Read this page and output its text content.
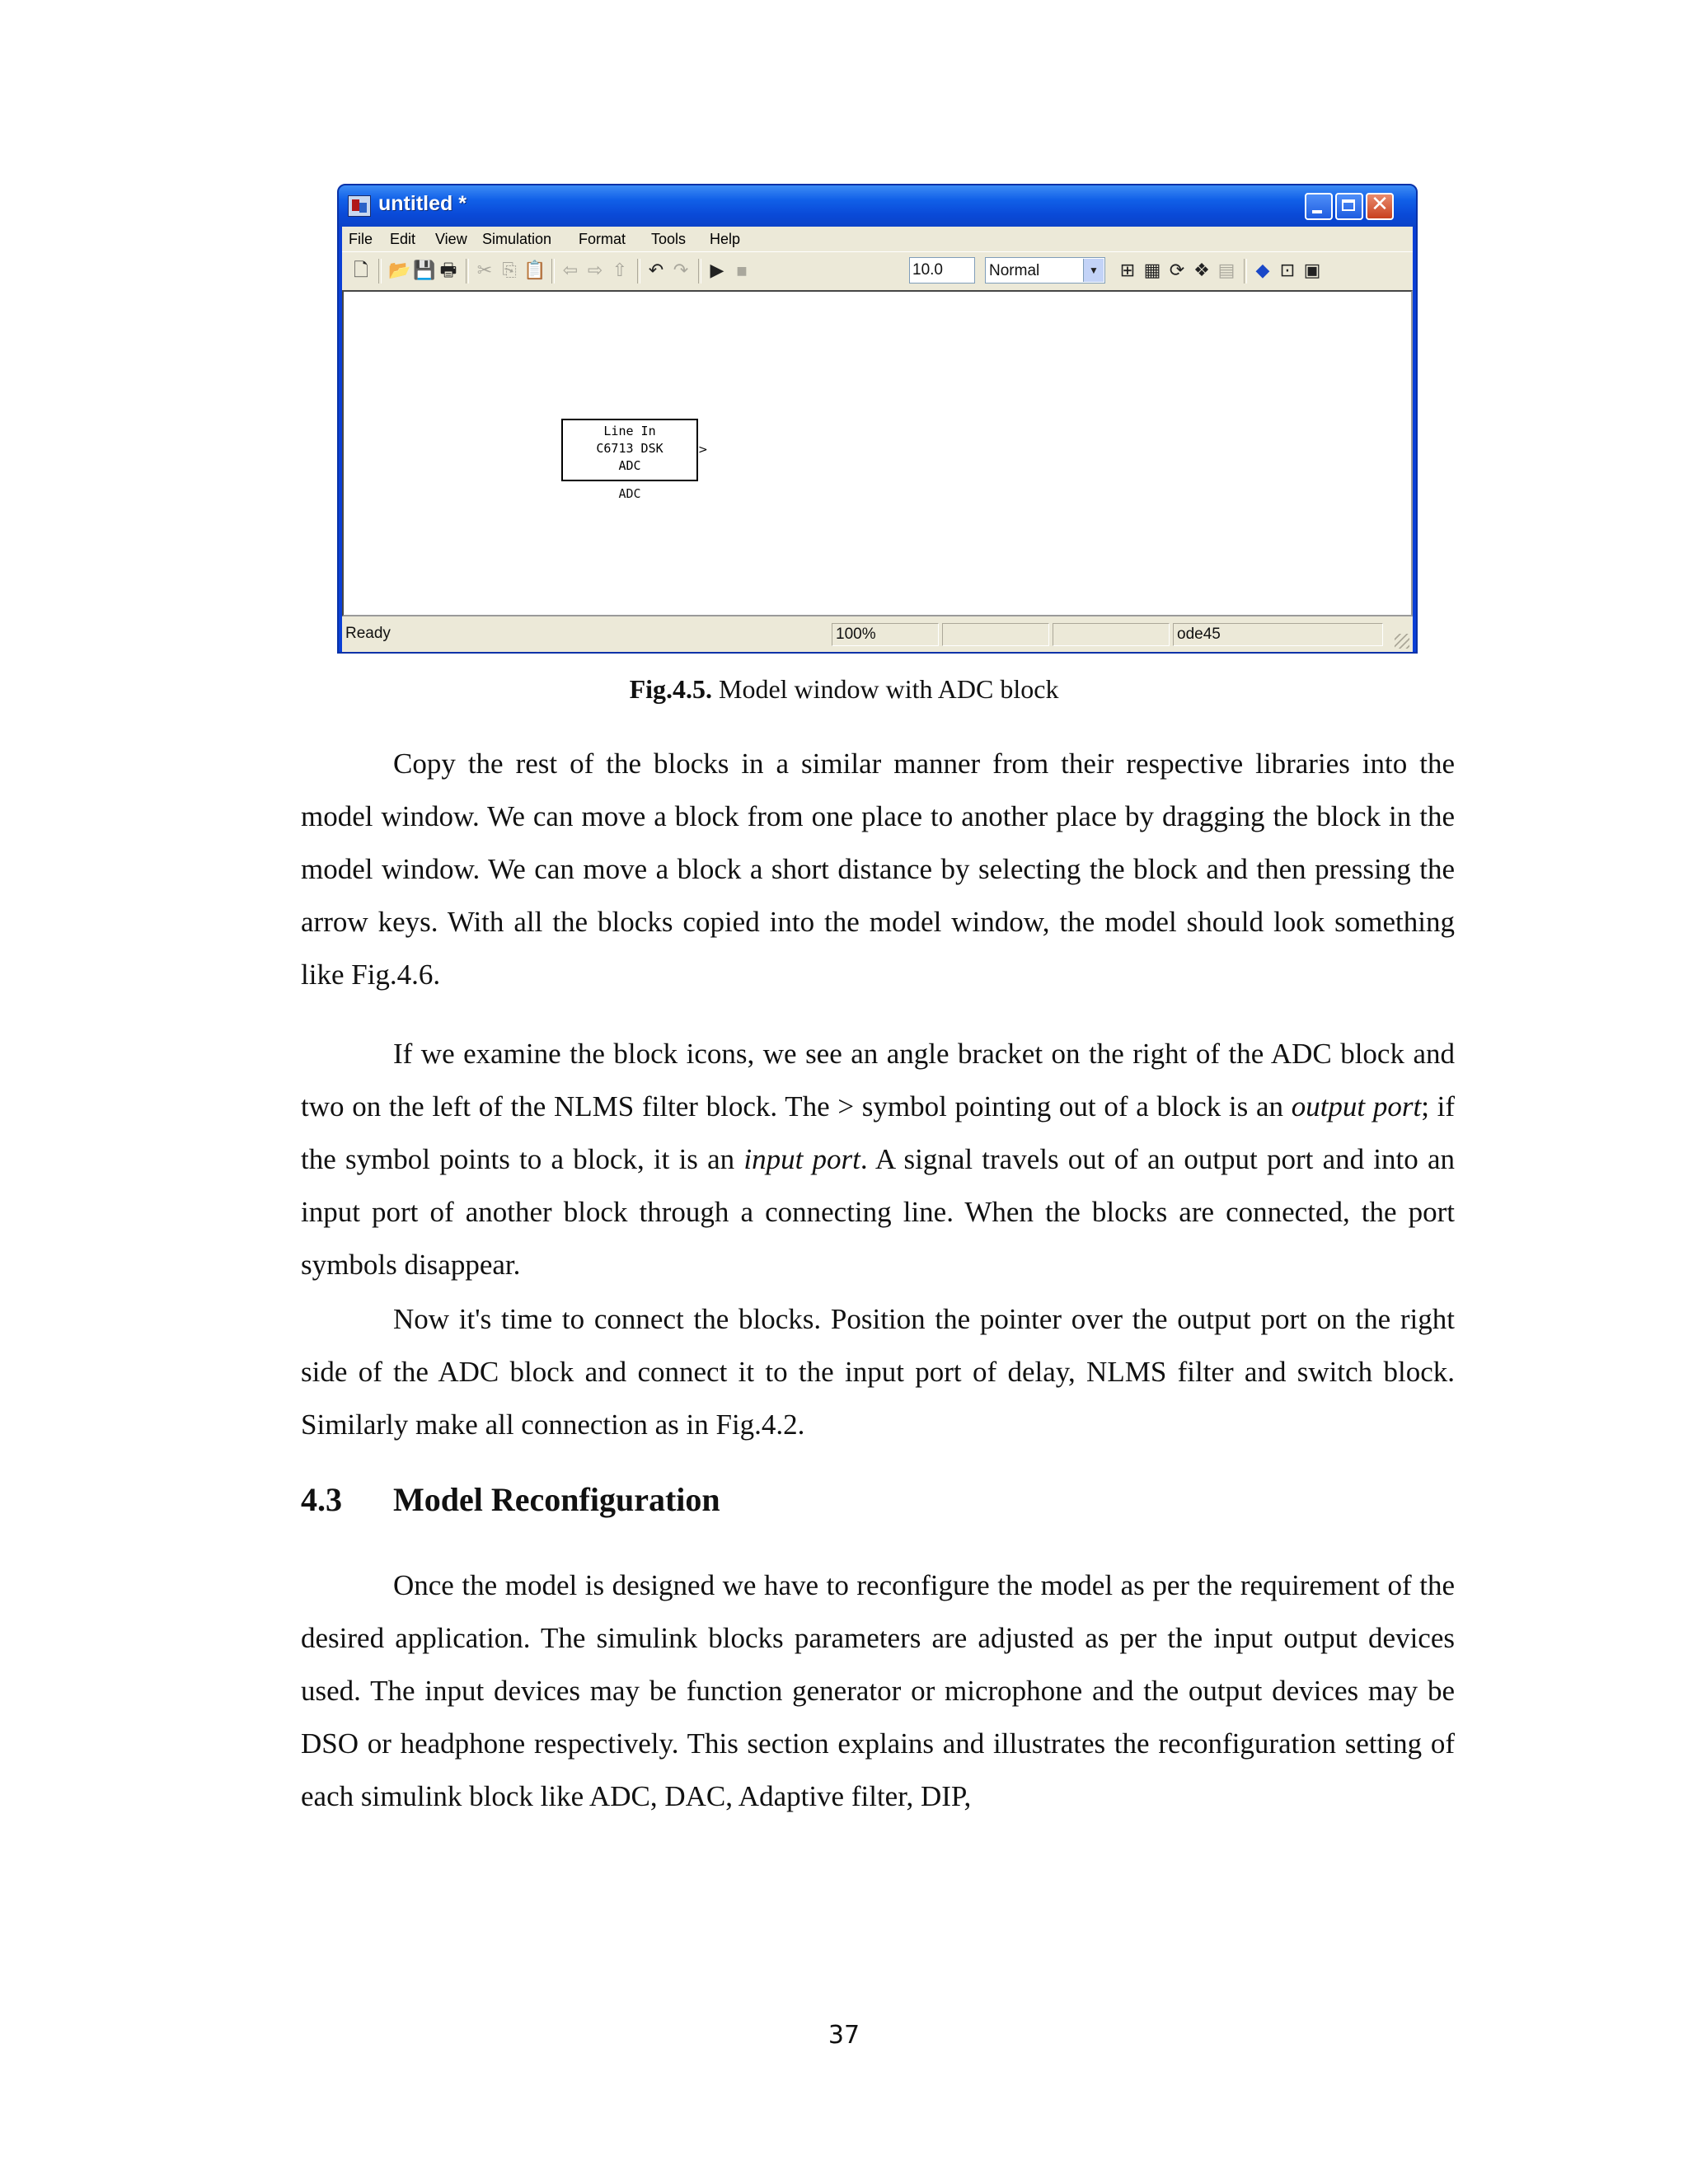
untitled *	✕
File Edit View Simulation Format Tools Help
🗋 📂 💾 🖶 ✂ ⎘ 📋 ⇦ ⇨ ⇧ ↶ ↷ ▶	■	10.0	Normal	▼ ⊞ ▦ ⟳ ❖ ▤ ◆ ⊡ ▣
Line In
C6713 DSK
ADC
>
ADC
Ready	100%	ode45
Fig.4.5. Model window with ADC block

Copy the rest of the blocks in a similar manner from their respective libraries into the model window. We can move a block from one place to another place by dragging the block in the model window. We can move a block a short distance by selecting the block and then pressing the arrow keys. With all the blocks copied into the model window, the model should look something like Fig.4.6.

If we examine the block icons, we see an angle bracket on the right of the ADC block and two on the left of the NLMS filter block. The > symbol pointing out of a block is an output port; if the symbol points to a block, it is an input port. A signal travels out of an output port and into an input port of another block through a connecting line. When the blocks are connected, the port symbols disappear.

Now it's time to connect the blocks. Position the pointer over the output port on the right side of the ADC block and connect it to the input port of delay, NLMS filter and switch block. Similarly make all connection as in Fig.4.2.

4.3 Model Reconfiguration

Once the model is designed we have to reconfigure the model as per the requirement of the desired application. The simulink blocks parameters are adjusted as per the input output devices used. The input devices may be function generator or microphone and the output devices may be DSO or headphone respectively. This section explains and illustrates the reconfiguration setting of each simulink block like ADC, DAC, Adaptive filter, DIP,

37
